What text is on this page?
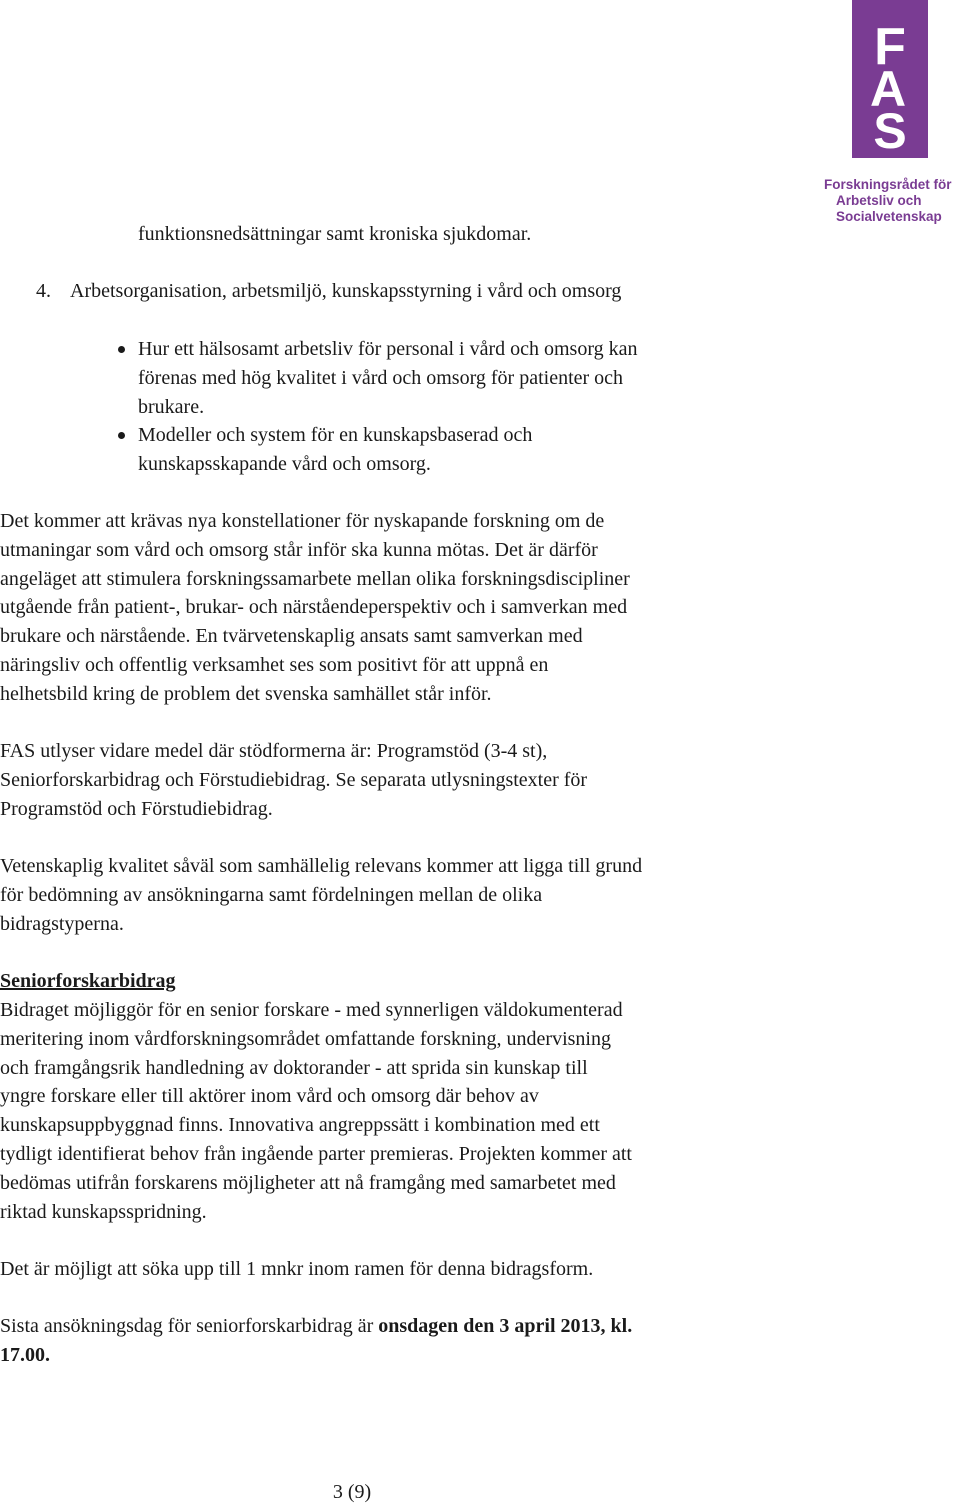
F
A
S
Forskningsrådet för
Arbetsliv och
Socialvetenskap
funktionsnedsättningar samt kroniska sjukdomar.
4. Arbetsorganisation, arbetsmiljö, kunskapsstyrning i vård och omsorg
Hur ett hälsosamt arbetsliv för personal i vård och omsorg kan
förenas med hög kvalitet i vård och omsorg för patienter och
brukare.
Modeller och system för en kunskapsbaserad och
kunskapsskapande vård och omsorg.
Det kommer att krävas nya konstellationer för nyskapande forskning om de
utmaningar som vård och omsorg står inför ska kunna mötas. Det är därför
angeläget att stimulera forskningssamarbete mellan olika forskningsdiscipliner
utgående från patient-, brukar- och närståendeperspektiv och i samverkan med
brukare och närstående. En tvärvetenskaplig ansats samt samverkan med
näringsliv och offentlig verksamhet ses som positivt för att uppnå en
helhetsbild kring de problem det svenska samhället står inför.
FAS utlyser vidare medel där stödformerna är: Programstöd (3-4 st),
Seniorforskarbidrag och Förstudiebidrag. Se separata utlysningstexter för
Programstöd och Förstudiebidrag.
Vetenskaplig kvalitet såväl som samhällelig relevans kommer att ligga till grund
för bedömning av ansökningarna samt fördelningen mellan de olika
bidragstyperna.
Seniorforskarbidrag
Bidraget möjliggör för en senior forskare - med synnerligen väldokumenterad
meritering inom vårdforskningsområdet omfattande forskning, undervisning
och framgångsrik handledning av doktorander - att sprida sin kunskap till
yngre forskare eller till aktörer inom vård och omsorg där behov av
kunskapsuppbyggnad finns. Innovativa angreppssätt i kombination med ett
tydligt identifierat behov från ingående parter premieras. Projekten kommer att
bedömas utifrån forskarens möjligheter att nå framgång med samarbetet med
riktad kunskapsspridning.
Det är möjligt att söka upp till 1 mnkr inom ramen för denna bidragsform.
Sista ansökningsdag för seniorforskarbidrag är onsdagen den 3 april 2013, kl.
17.00.
3 (9)
